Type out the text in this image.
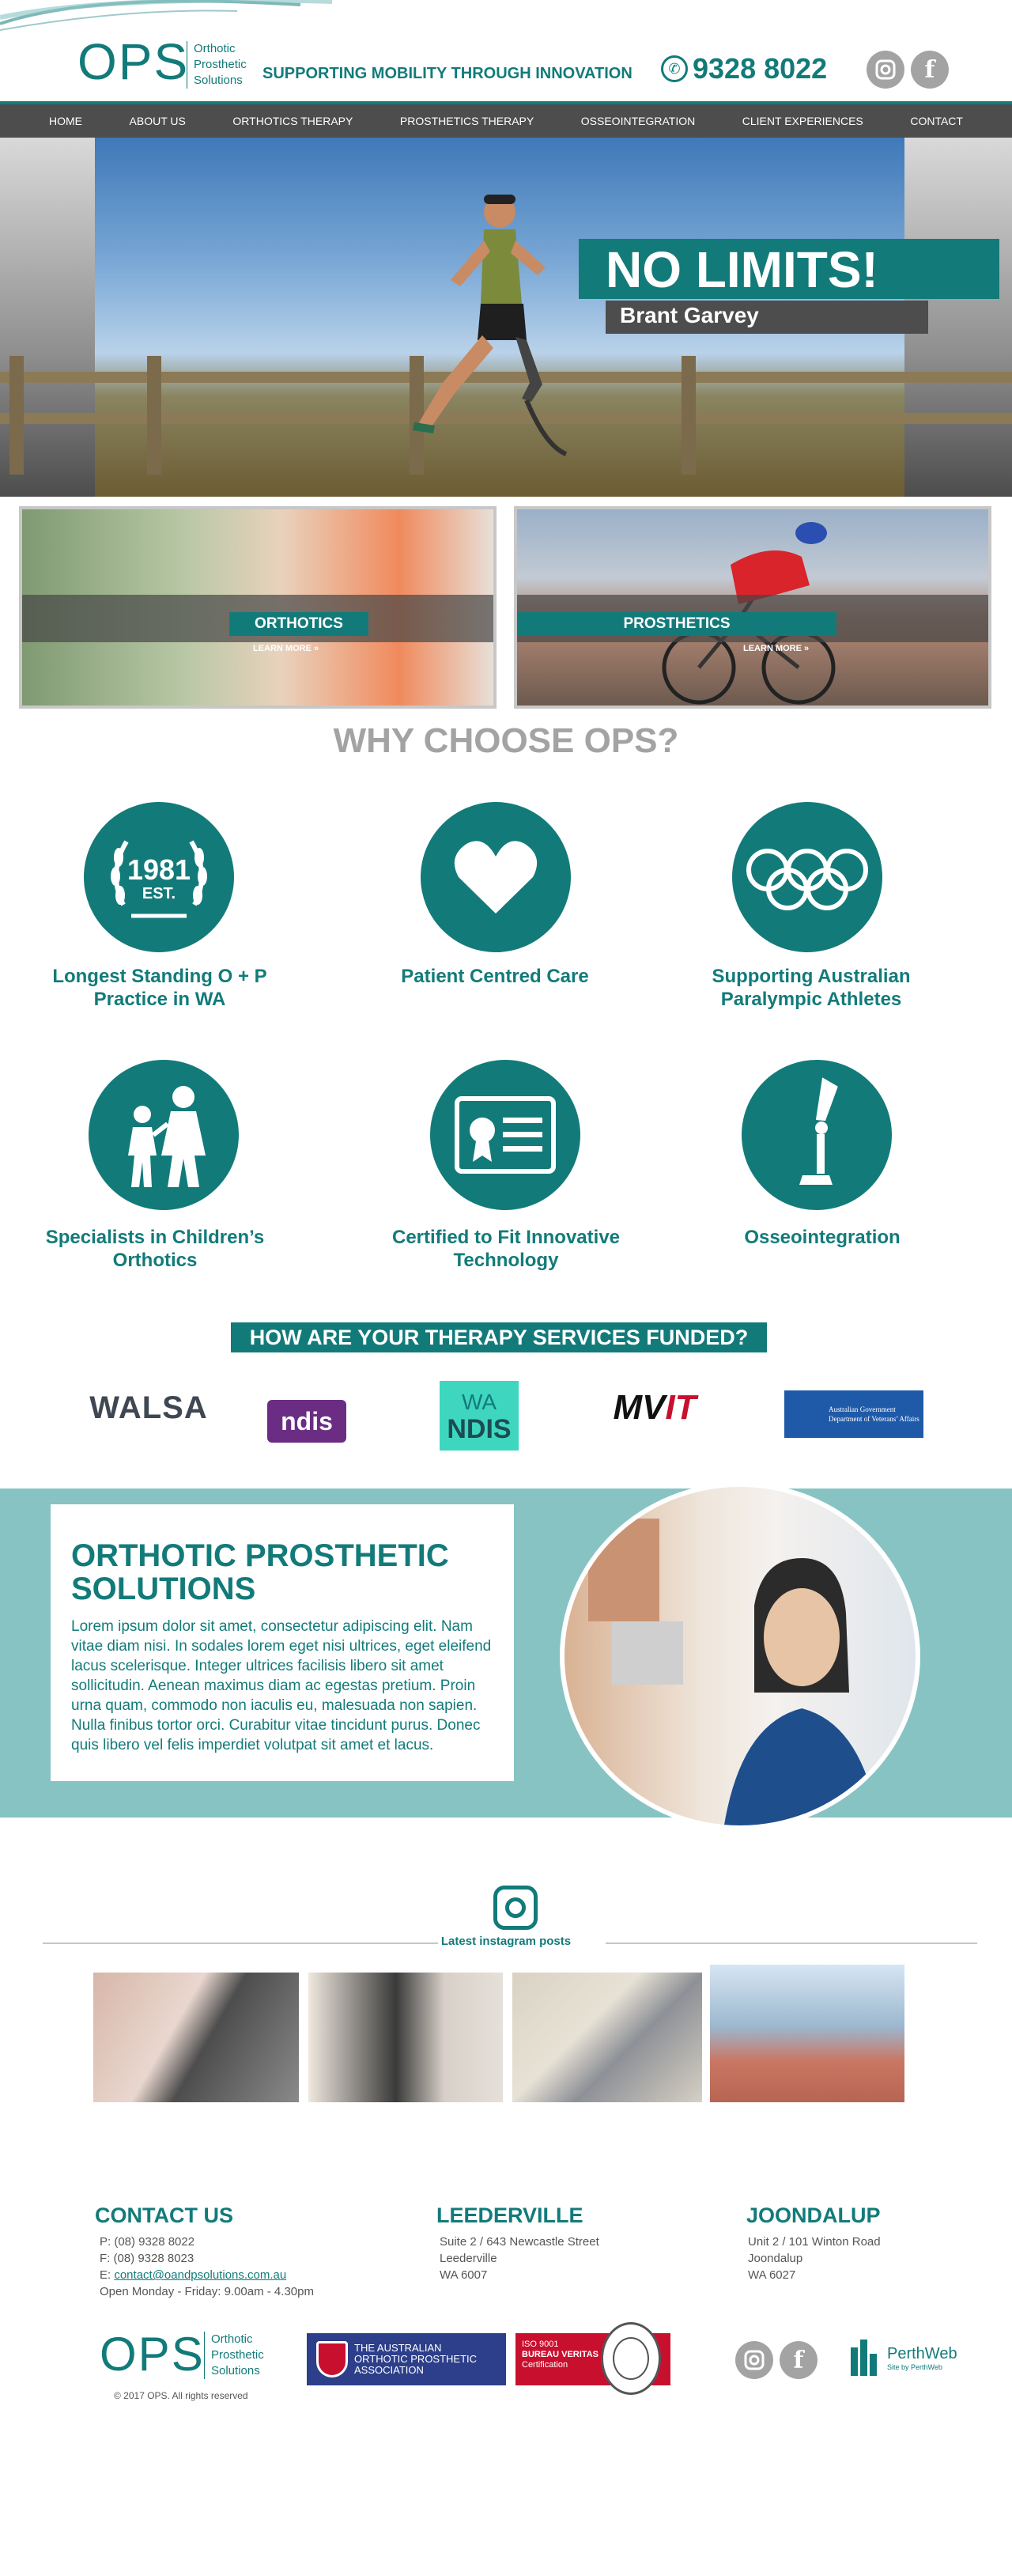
OPS Orthotic
Prosthetic
Solutions SUPPORTING MOBILITY THROUGH INNOVATION	✆ 9328 8022	f
HOME	ABOUT US	ORTHOTICS THERAPY	PROSTHETICS THERAPY	OSSEOINTEGRATION	CLIENT EXPERIENCES	CONTACT
NO LIMITS!
Brant Garvey
ORTHOTICS
LEARN MORE »
PROSTHETICS
LEARN MORE »
WHY CHOOSE OPS?
1981
EST.
Longest Standing O + P Practice in WA
Patient Centred Care	Supporting Australian Paralympic Athletes
Specialists in Children’s Orthotics
Certified to Fit Innovative Technology
Osseointegration
HOW ARE YOUR THERAPY SERVICES FUNDED?
WALSA	ndis
WA
NDIS
MV IT	Australian Government
Department of Veterans’ Affairs
ORTHOTIC PROSTHETIC SOLUTIONS
Lorem ipsum dolor sit amet, consectetur adipiscing elit. Nam vitae diam nisi. In sodales lorem eget nisi ultrices, eget eleifend lacus scelerisque. Integer ultrices facilisis libero sit amet sollicitudin. Aenean maximus diam ac egestas pretium. Proin urna quam, commodo non iaculis eu, malesuada non sapien. Nulla finibus tortor orci. Curabitur vitae tincidunt purus. Donec quis libero vel felis imperdiet volutpat sit amet et lacus.
Latest instagram posts
CONTACT US
P: (08) 9328 8022
F: (08) 9328 8023
E: contact@oandpsolutions.com.au
Open Monday - Friday: 9.00am - 4.30pm
LEEDERVILLE
Suite 2 / 643 Newcastle Street
Leederville
WA 6007
JOONDALUP
Unit 2 / 101 Winton Road
Joondalup
WA 6027
OPS Orthotic
Prosthetic
Solutions
© 2017 OPS. All rights reserved
THE AUSTRALIAN
ORTHOTIC PROSTHETIC
ASSOCIATION
ISO 9001
BUREAU VERITAS
Certification	f	PerthWeb
Site by PerthWeb
